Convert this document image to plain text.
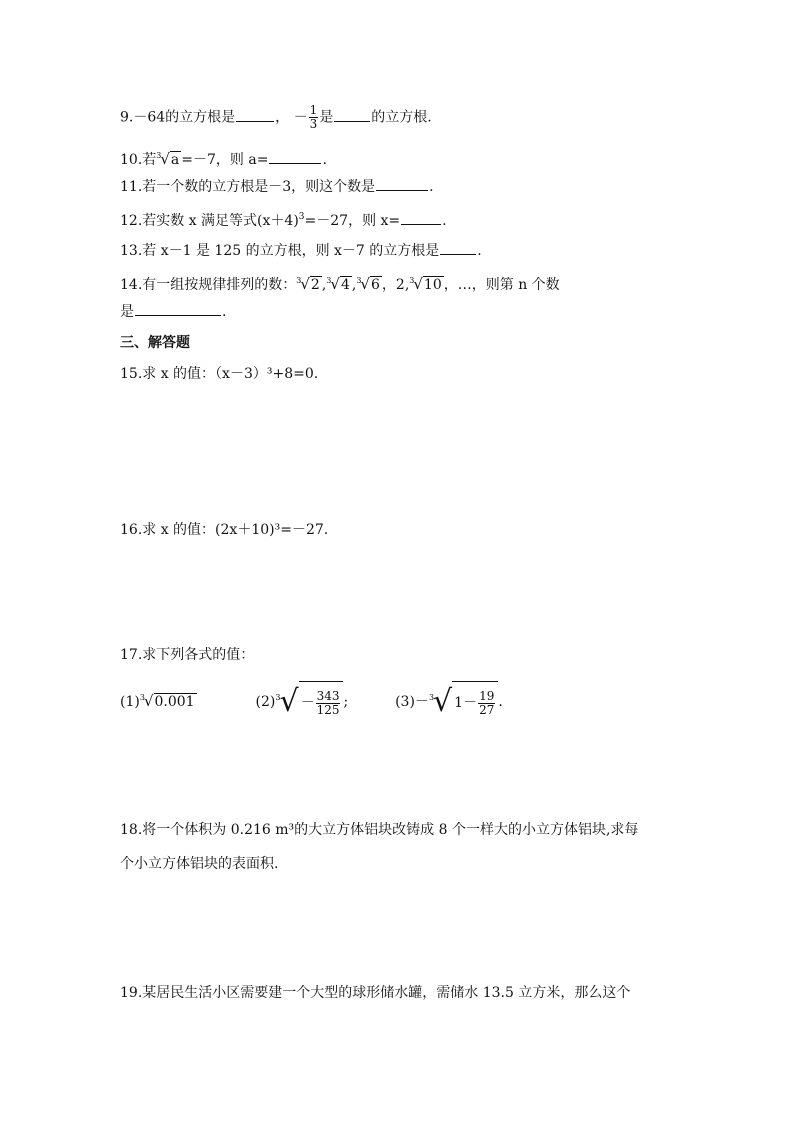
9.－64的立方根是	， － $\frac{1}{3}$ 是	的立方根.
10.若$^3$√a =－7，则 a=	.
11.若一个数的立方根是－3，则这个数是	.
12.若实数 x 满足等式$(x+4)^3=-27$，则 x=	.
13.若 x－1 是 125 的立方根，则 x－7 的立方根是	.
14.有一组按规律排列的数：$^3$√2 ,$^3$√4 ,$^3$√6 ，2,$^3$√10 ，…，则第 n 个数
是	.
三、解答题
15.求 x 的值：（x－3）³+8=0.
16.求 x 的值：(2x＋10)³=－27.
17.求下列各式的值：
$(1)^3√0.001$	$(2)^3√ - \frac{343}{125}$ ;	(3)－$^3$√ $1- \frac{19}{27}$ .
18.将一个体积为 0.216 m³的大立方体铝块改铸成 8 个一样大的小立方体铝块,求每
个小立方体铝块的表面积.
19.某居民生活小区需要建一个大型的球形储水罐，需储水 13.5 立方米，那么这个
